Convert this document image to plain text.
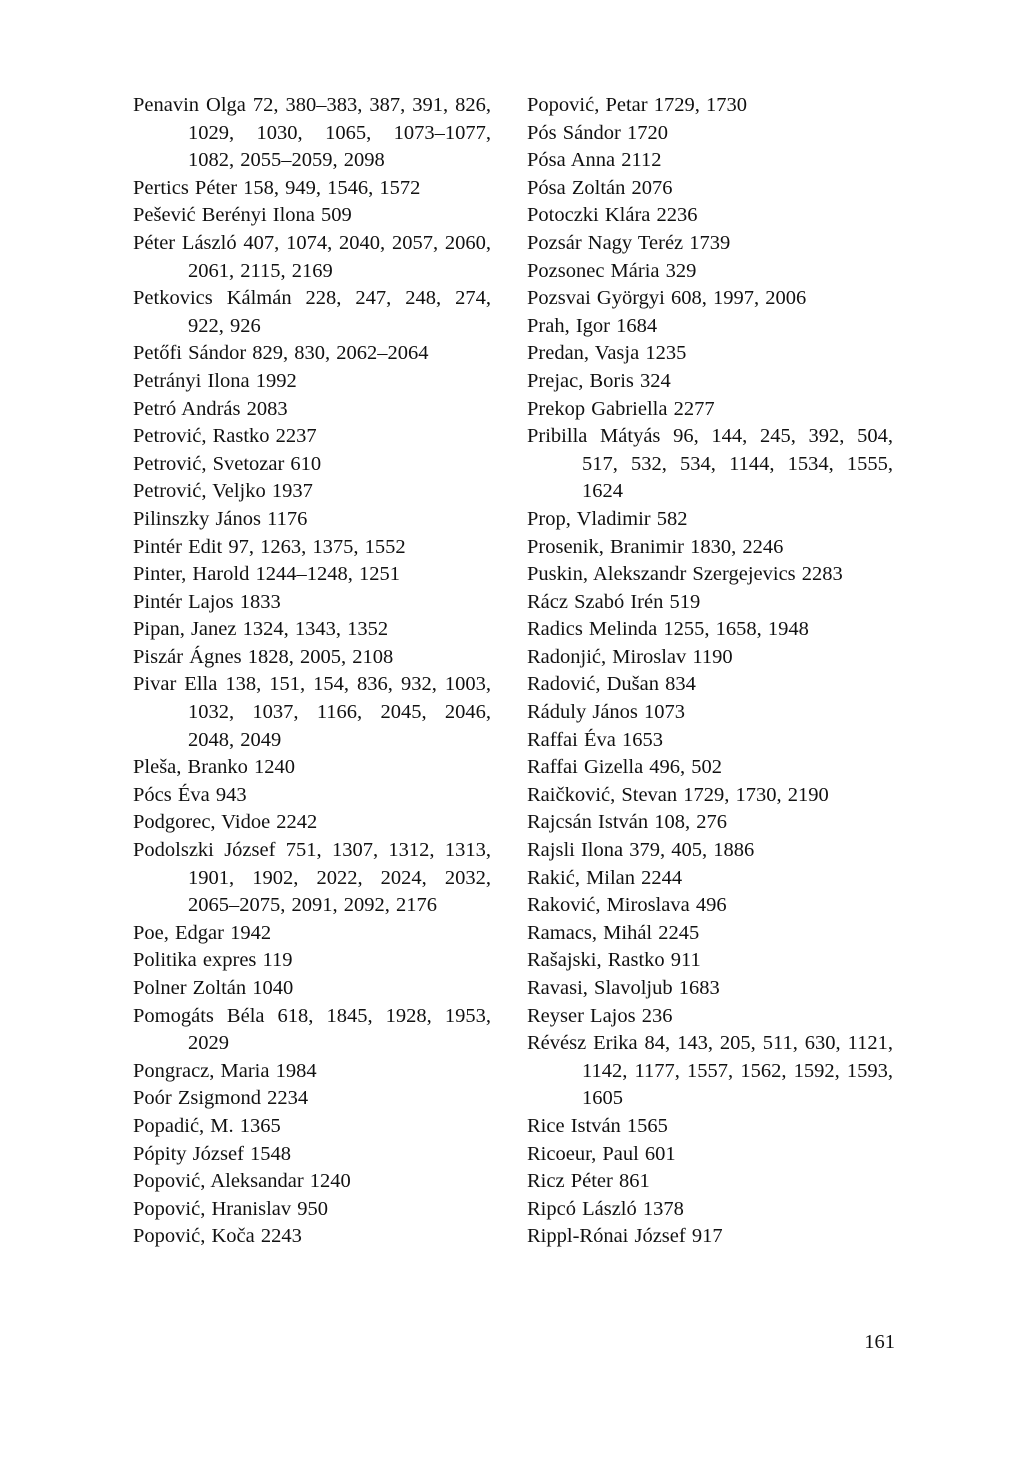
Penavin Olga 72, 380–383, 387, 391, 826, 1029, 1030, 1065, 1073–1077, 1082, 2055–2059, 2098
Pertics Péter 158, 949, 1546, 1572
Pešević Berényi Ilona 509
Péter László 407, 1074, 2040, 2057, 2060, 2061, 2115, 2169
Petkovics Kálmán 228, 247, 248, 274, 922, 926
Petőfi Sándor 829, 830, 2062–2064
Petrányi Ilona 1992
Petró András 2083
Petrović, Rastko 2237
Petrović, Svetozar 610
Petrović, Veljko 1937
Pilinszky János 1176
Pintér Edit 97, 1263, 1375, 1552
Pinter, Harold 1244–1248, 1251
Pintér Lajos 1833
Pipan, Janez 1324, 1343, 1352
Piszár Ágnes 1828, 2005, 2108
Pivar Ella 138, 151, 154, 836, 932, 1003, 1032, 1037, 1166, 2045, 2046, 2048, 2049
Pleša, Branko 1240
Pócs Éva 943
Podgorec, Vidoe 2242
Podolszki József 751, 1307, 1312, 1313, 1901, 1902, 2022, 2024, 2032, 2065–2075, 2091, 2092, 2176
Poe, Edgar 1942
Politika expres 119
Polner Zoltán 1040
Pomogáts Béla 618, 1845, 1928, 1953, 2029
Pongracz, Maria 1984
Poór Zsigmond 2234
Popadić, M. 1365
Pópity József 1548
Popović, Aleksandar 1240
Popović, Hranislav 950
Popović, Koča 2243
Popović, Petar 1729, 1730
Pós Sándor 1720
Pósa Anna 2112
Pósa Zoltán 2076
Potoczki Klára 2236
Pozsár Nagy Teréz 1739
Pozsonec Mária 329
Pozsvai Györgyi 608, 1997, 2006
Prah, Igor 1684
Predan, Vasja 1235
Prejac, Boris 324
Prekop Gabriella 2277
Pribilla Mátyás 96, 144, 245, 392, 504, 517, 532, 534, 1144, 1534, 1555, 1624
Prop, Vladimir 582
Prosenik, Branimir 1830, 2246
Puskin, Alekszandr Szergejevics 2283
Rácz Szabó Irén 519
Radics Melinda 1255, 1658, 1948
Radonjić, Miroslav 1190
Radović, Dušan 834
Ráduly János 1073
Raffai Éva 1653
Raffai Gizella 496, 502
Raičković, Stevan 1729, 1730, 2190
Rajcsán István 108, 276
Rajsli Ilona 379, 405, 1886
Rakić, Milan 2244
Raković, Miroslava 496
Ramacs, Mihál 2245
Rašajski, Rastko 911
Ravasi, Slavoljub 1683
Reyser Lajos 236
Révész Erika 84, 143, 205, 511, 630, 1121, 1142, 1177, 1557, 1562, 1592, 1593, 1605
Rice István 1565
Ricoeur, Paul 601
Ricz Péter 861
Ripcó László 1378
Rippl-Rónai József 917
161
